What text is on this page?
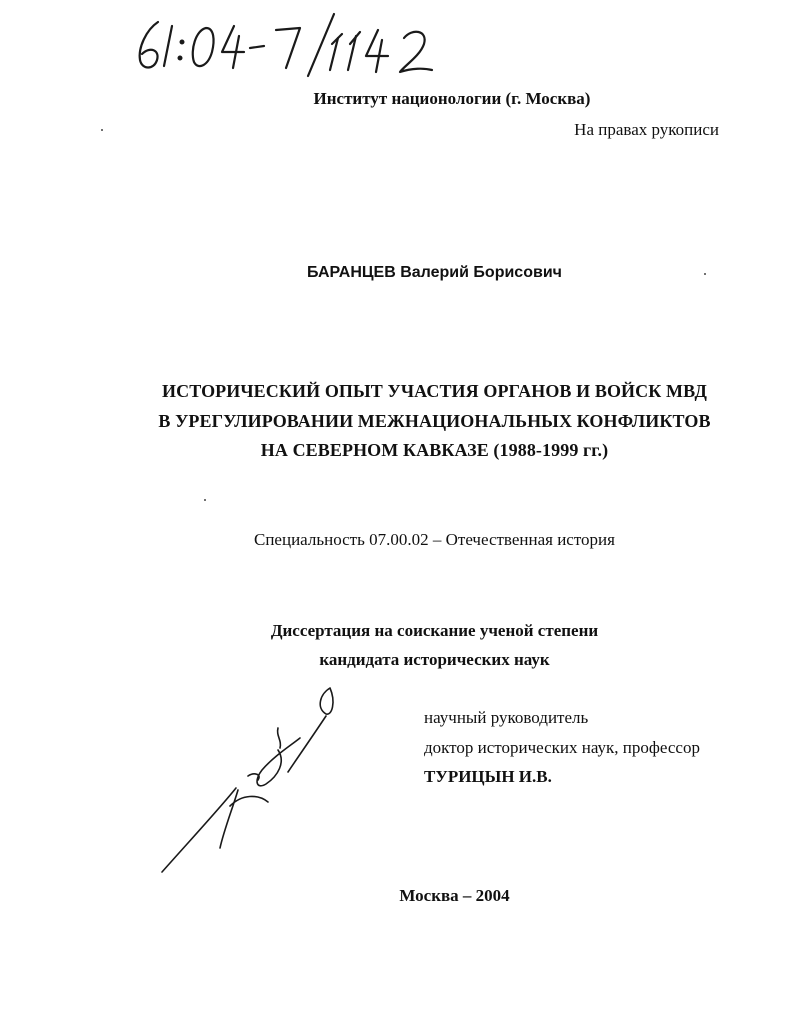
Институт национологии (г. Москва)
На правах рукописи
БАРАНЦЕВ Валерий Борисович
ИСТОРИЧЕСКИЙ ОПЫТ УЧАСТИЯ ОРГАНОВ И ВОЙСК МВД
В УРЕГУЛИРОВАНИИ МЕЖНАЦИОНАЛЬНЫХ КОНФЛИКТОВ
НА СЕВЕРНОМ КАВКАЗЕ (1988-1999 гг.)
Специальность 07.00.02 – Отечественная история
Диссертация на соискание ученой степени
кандидата исторических наук
научный руководитель
доктор исторических наук, профессор
ТУРИЦЫН И.В.
Москва – 2004
